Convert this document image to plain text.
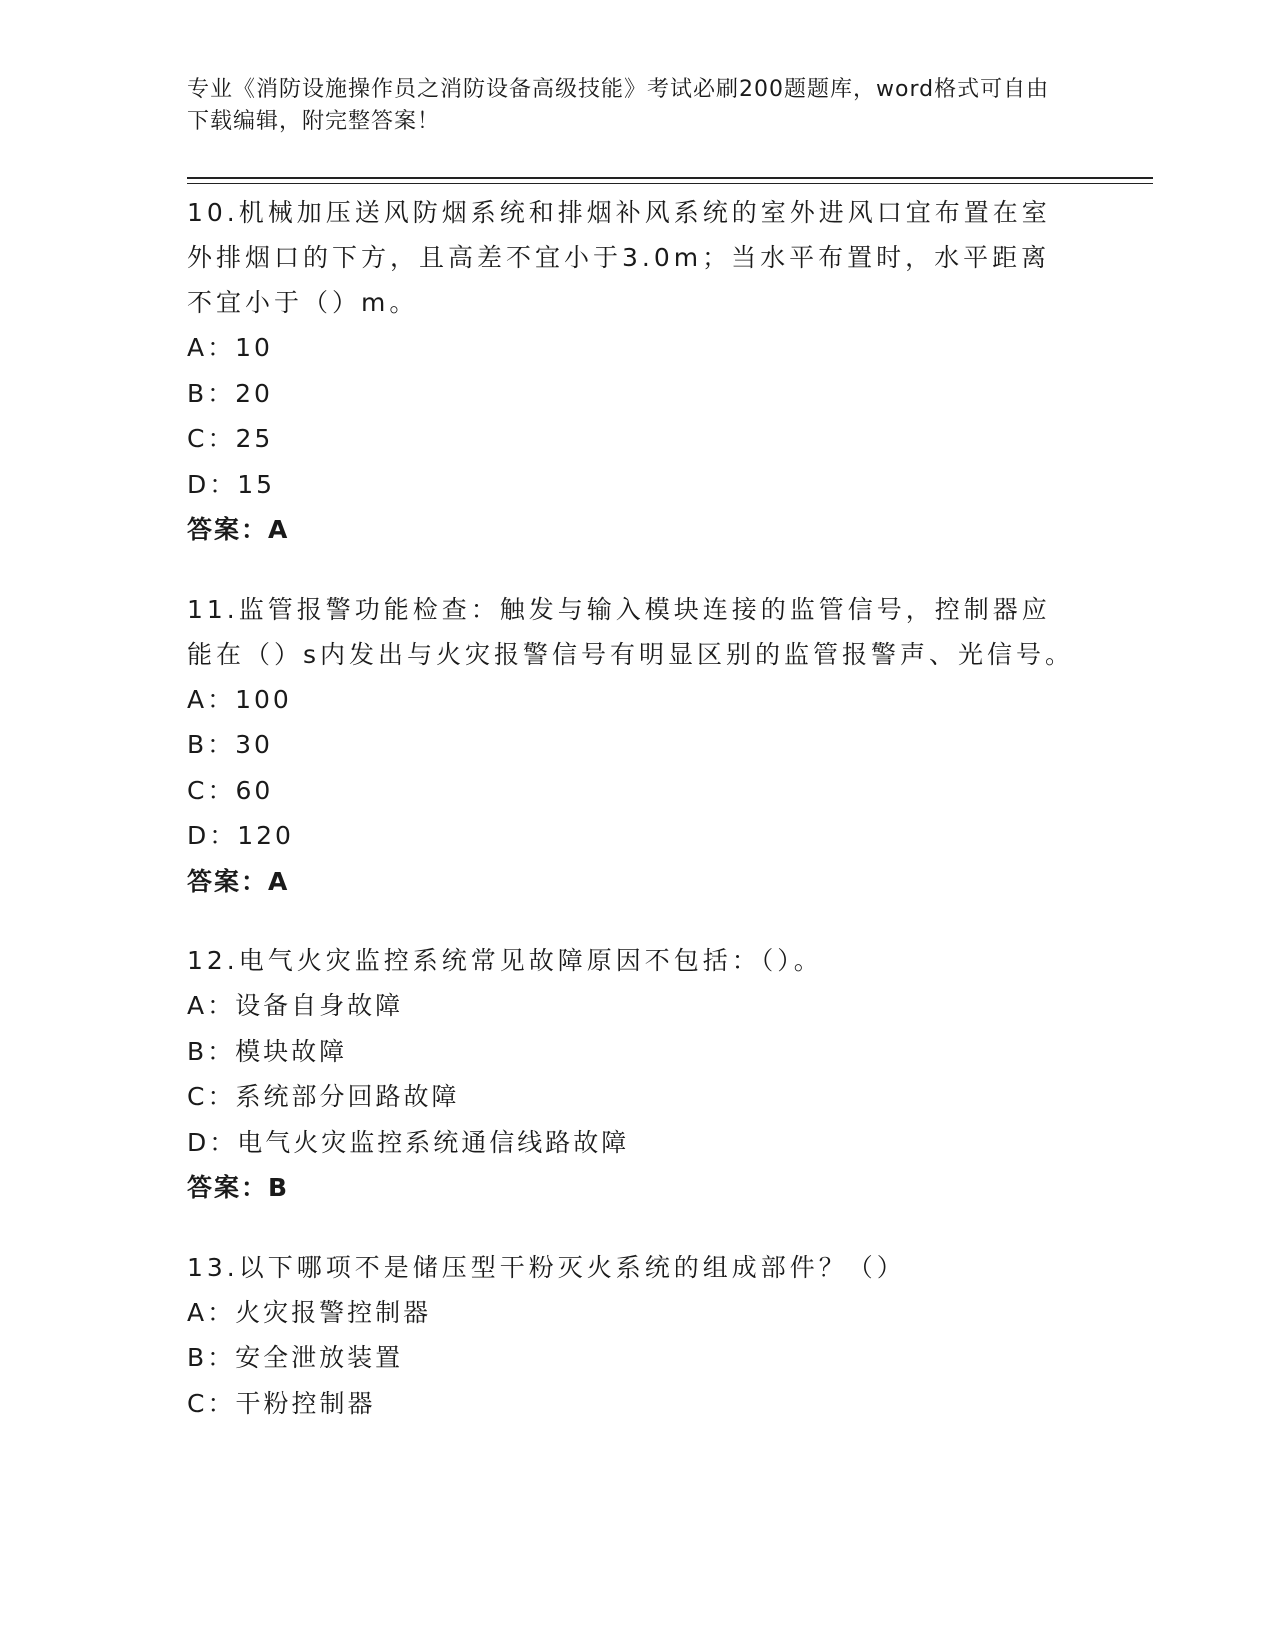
专业《消防设施操作员之消防设备高级技能》考试必刷200题题库，word格式可自由下载编辑，附完整答案！

10.机械加压送风防烟系统和排烟补风系统的室外进风口宜布置在室外排烟口的下方，且高差不宜小于3.0m；当水平布置时，水平距离不宜小于（）m。

A：10

B：20

C：25

D：15

答案：A

11.监管报警功能检查：触发与输入模块连接的监管信号，控制器应能在（）s内发出与火灾报警信号有明显区别的监管报警声、光信号。

A：100

B：30

C：60

D：120

答案：A

12.电气火灾监控系统常见故障原因不包括：（）。

A：设备自身故障

B：模块故障

C：系统部分回路故障

D：电气火灾监控系统通信线路故障

答案：B

13.以下哪项不是储压型干粉灭火系统的组成部件？（）

A：火灾报警控制器

B：安全泄放装置

C：干粉控制器
